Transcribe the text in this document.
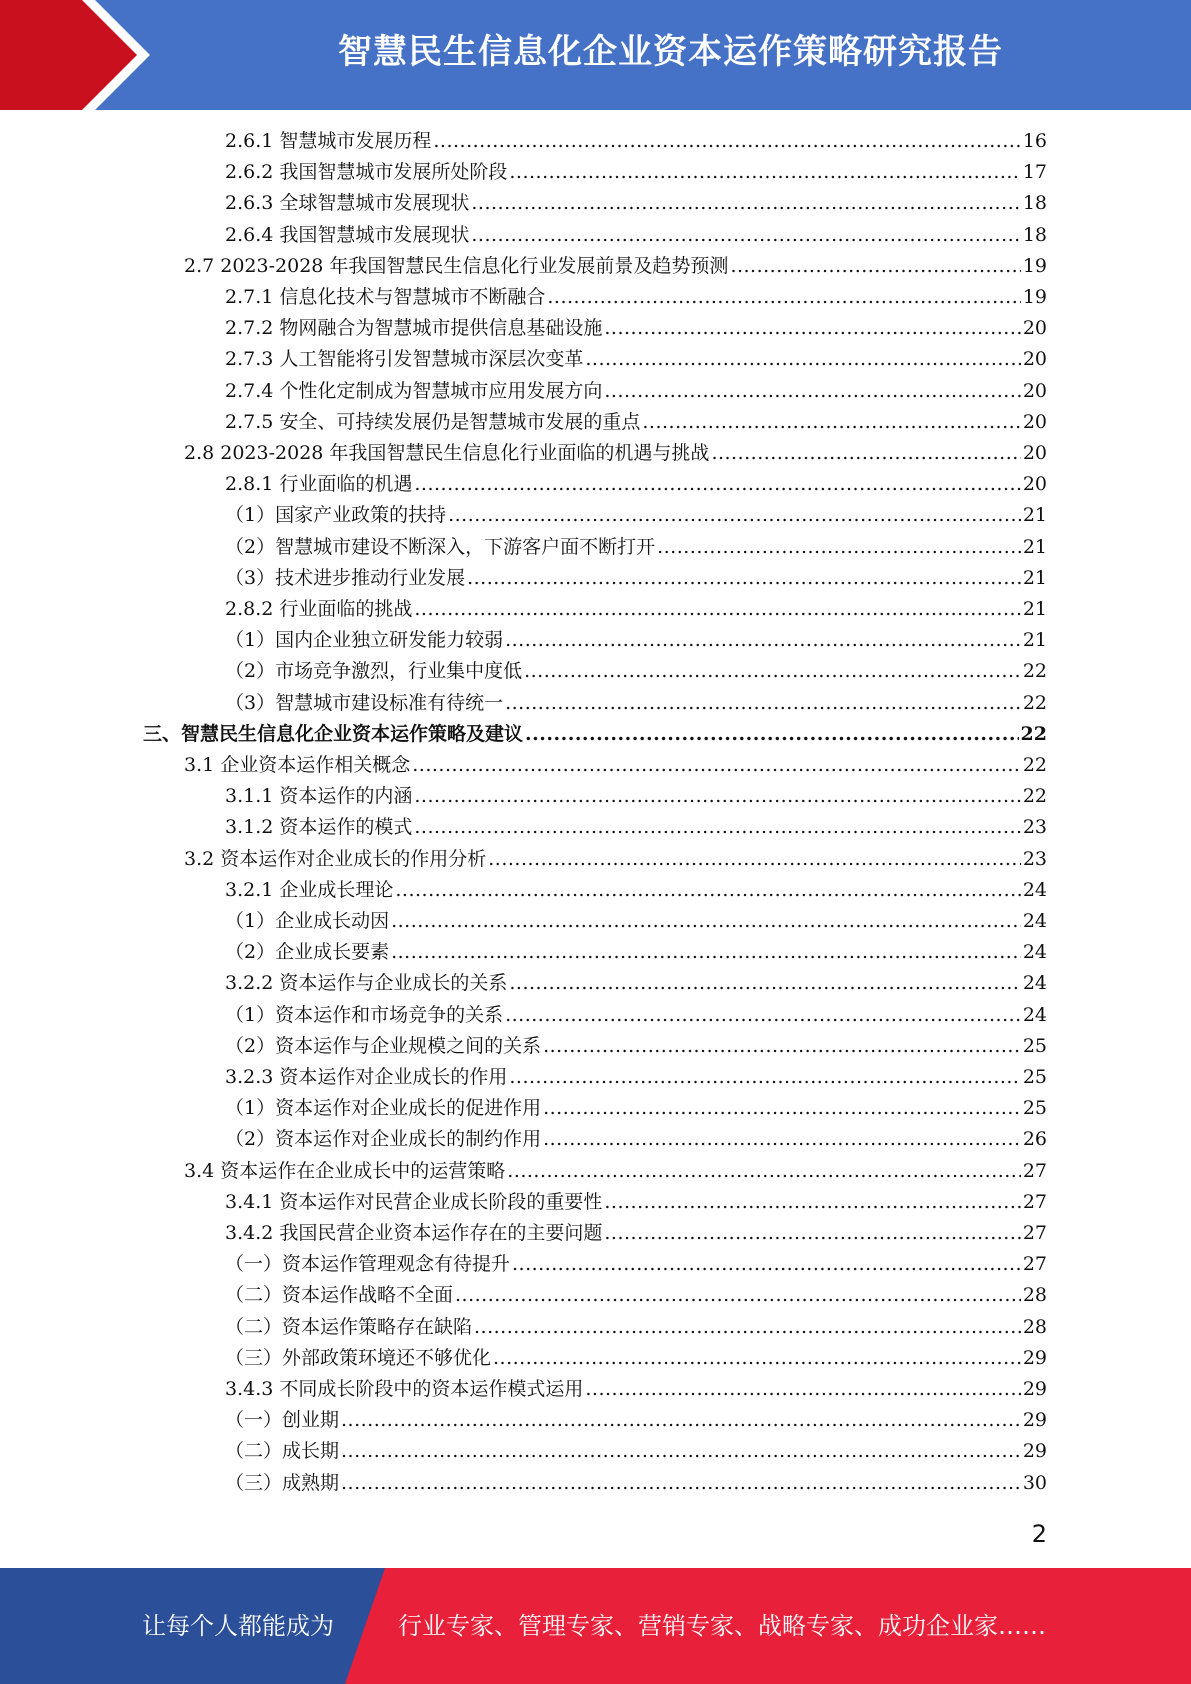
智慧民生信息化企业资本运作策略研究报告
2.6.1 智慧城市发展历程 .....	16
2.6.2 我国智慧城市发展所处阶段 .....	17
2.6.3 全球智慧城市发展现状 .....	18
2.6.4 我国智慧城市发展现状 .....	18
2.7 2023-2028 年我国智慧民生信息化行业发展前景及趋势预测 .....	19
2.7.1 信息化技术与智慧城市不断融合 .....	19
2.7.2 物网融合为智慧城市提供信息基础设施 .....	20
2.7.3 人工智能将引发智慧城市深层次变革 .....	20
2.7.4 个性化定制成为智慧城市应用发展方向 .....	20
2.7.5 安全、可持续发展仍是智慧城市发展的重点 .....	20
2.8 2023-2028 年我国智慧民生信息化行业面临的机遇与挑战 .....	20
2.8.1 行业面临的机遇 .....	20
（1）国家产业政策的扶持 .....	21
（2）智慧城市建设不断深入，下游客户面不断打开 .....	21
（3）技术进步推动行业发展 .....	21
2.8.2 行业面临的挑战 .....	21
（1）国内企业独立研发能力较弱 .....	21
（2）市场竞争激烈，行业集中度低 .....	22
（3）智慧城市建设标准有待统一 .....	22
三、智慧民生信息化企业资本运作策略及建议 .....	22
3.1 企业资本运作相关概念 .....	22
3.1.1 资本运作的内涵 .....	22
3.1.2 资本运作的模式 .....	23
3.2 资本运作对企业成长的作用分析 .....	23
3.2.1 企业成长理论 .....	24
（1）企业成长动因 .....	24
（2）企业成长要素 .....	24
3.2.2 资本运作与企业成长的关系 .....	24
（1）资本运作和市场竞争的关系 .....	24
（2）资本运作与企业规模之间的关系 .....	25
3.2.3 资本运作对企业成长的作用 .....	25
（1）资本运作对企业成长的促进作用 .....	25
（2）资本运作对企业成长的制约作用 .....	26
3.4 资本运作在企业成长中的运营策略 .....	27
3.4.1 资本运作对民营企业成长阶段的重要性 .....	27
3.4.2 我国民营企业资本运作存在的主要问题 .....	27
（一）资本运作管理观念有待提升 .....	27
（二）资本运作战略不全面 .....	28
（二）资本运作策略存在缺陷 .....	28
（三）外部政策环境还不够优化 .....	29
3.4.3 不同成长阶段中的资本运作模式运用 .....	29
（一）创业期 .....	29
（二）成长期 .....	29
（三）成熟期 .....	30
2
让每个人都能成为	行业专家、管理专家、营销专家、战略专家、成功企业家……
